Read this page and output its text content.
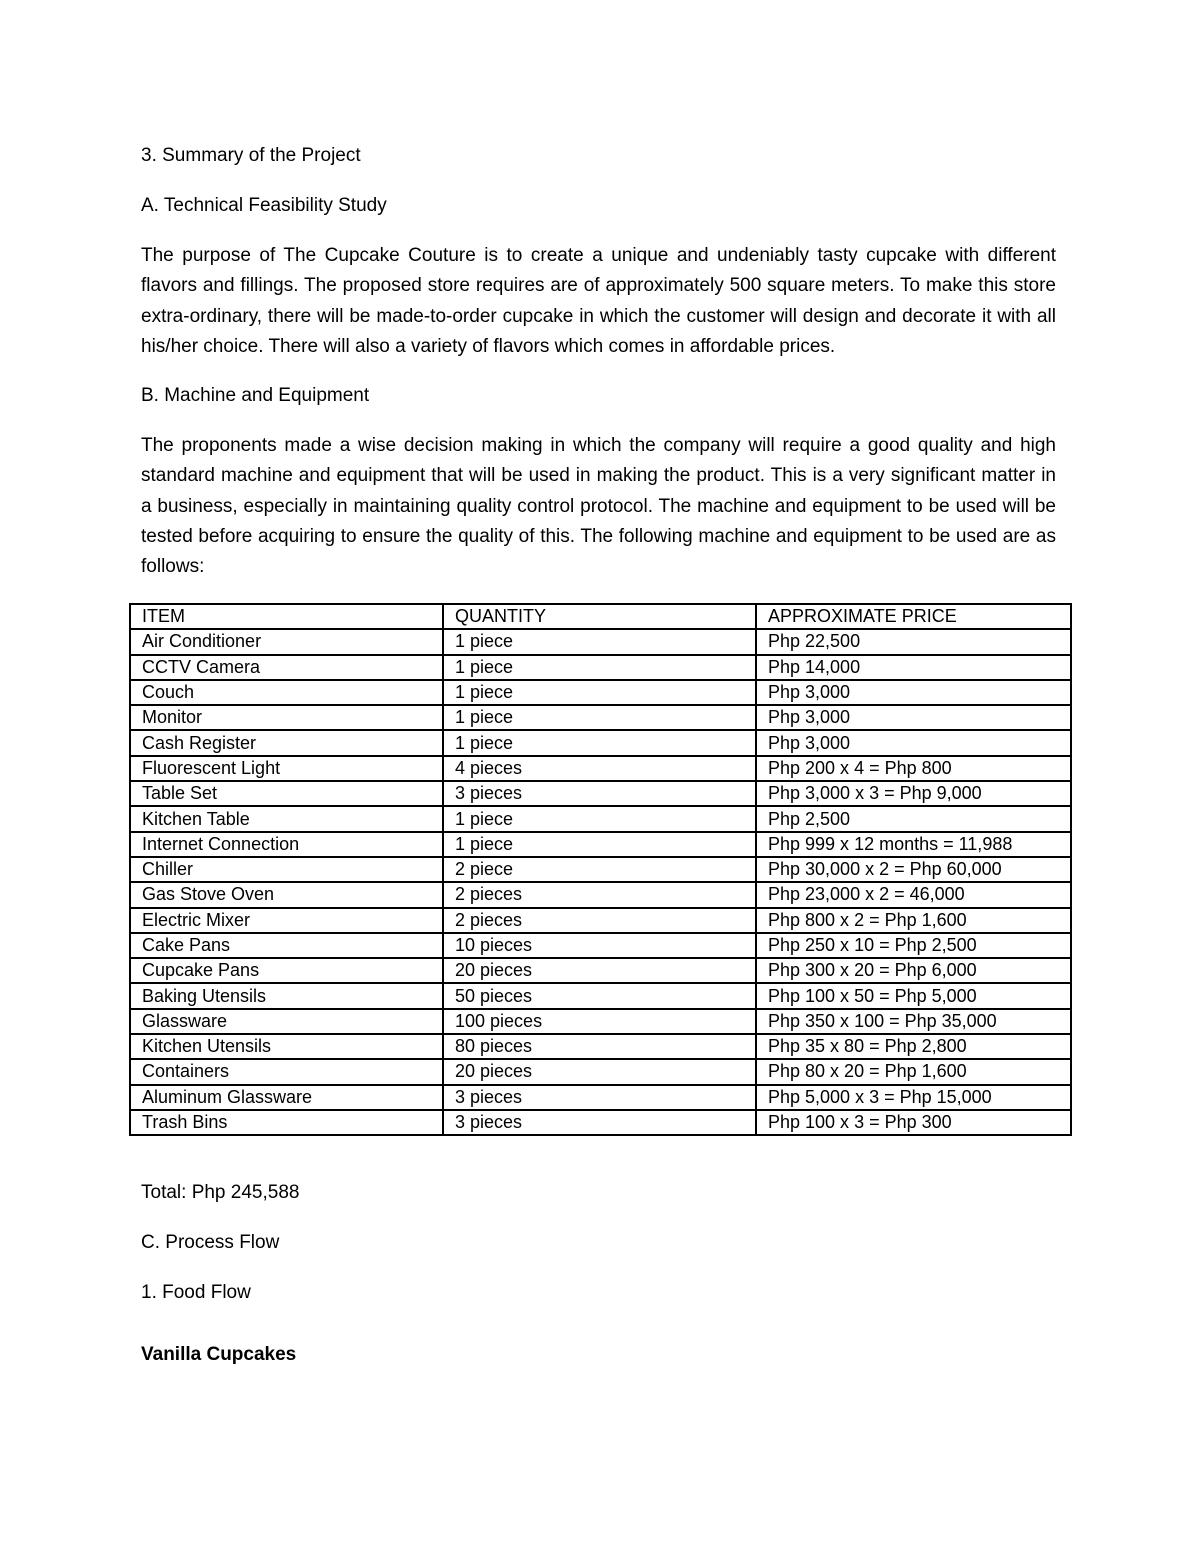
3. Summary of the Project
A. Technical Feasibility Study

The purpose of The Cupcake Couture is to create a unique and undeniably tasty cupcake with different flavors and fillings. The proposed store requires are of approximately 500 square meters. To make this store extra-ordinary, there will be made-to-order cupcake in which the customer will design and decorate it with all his/her choice. There will also a variety of flavors which comes in affordable prices.

B. Machine and Equipment

The proponents made a wise decision making in which the company will require a good quality and high standard machine and equipment that will be used in making the product. This is a very significant matter in a business, especially in maintaining quality control protocol. The machine and equipment to be used will be tested before acquiring to ensure the quality of this. The following machine and equipment to be used are as follows:

ITEM	QUANTITY	APPROXIMATE PRICE
Air Conditioner	1 piece	Php 22,500
CCTV Camera	1 piece	Php 14,000
Couch	1 piece	Php 3,000
Monitor	1 piece	Php 3,000
Cash Register	1 piece	Php 3,000
Fluorescent Light	4 pieces	Php 200 x 4 = Php 800
Table Set	3 pieces	Php 3,000 x 3 = Php 9,000
Kitchen Table	1 piece	Php 2,500
Internet Connection	1 piece	Php 999 x 12 months = 11,988
Chiller	2 piece	Php 30,000 x 2 = Php 60,000
Gas Stove Oven	2 pieces	Php 23,000 x 2 = 46,000
Electric Mixer	2 pieces	Php 800 x 2 = Php 1,600
Cake Pans	10 pieces	Php 250 x 10 = Php 2,500
Cupcake Pans	20 pieces	Php 300 x 20 = Php 6,000
Baking Utensils	50 pieces	Php 100 x 50 = Php 5,000
Glassware	100 pieces	Php 350 x 100 = Php 35,000
Kitchen Utensils	80 pieces	Php 35 x 80 = Php 2,800
Containers	20 pieces	Php 80 x 20 = Php 1,600
Aluminum Glassware	3 pieces	Php 5,000 x 3 = Php 15,000
Trash Bins	3 pieces	Php 100 x 3 = Php 300
Total: Php 245,588
C. Process Flow
1. Food Flow
Vanilla Cupcakes
